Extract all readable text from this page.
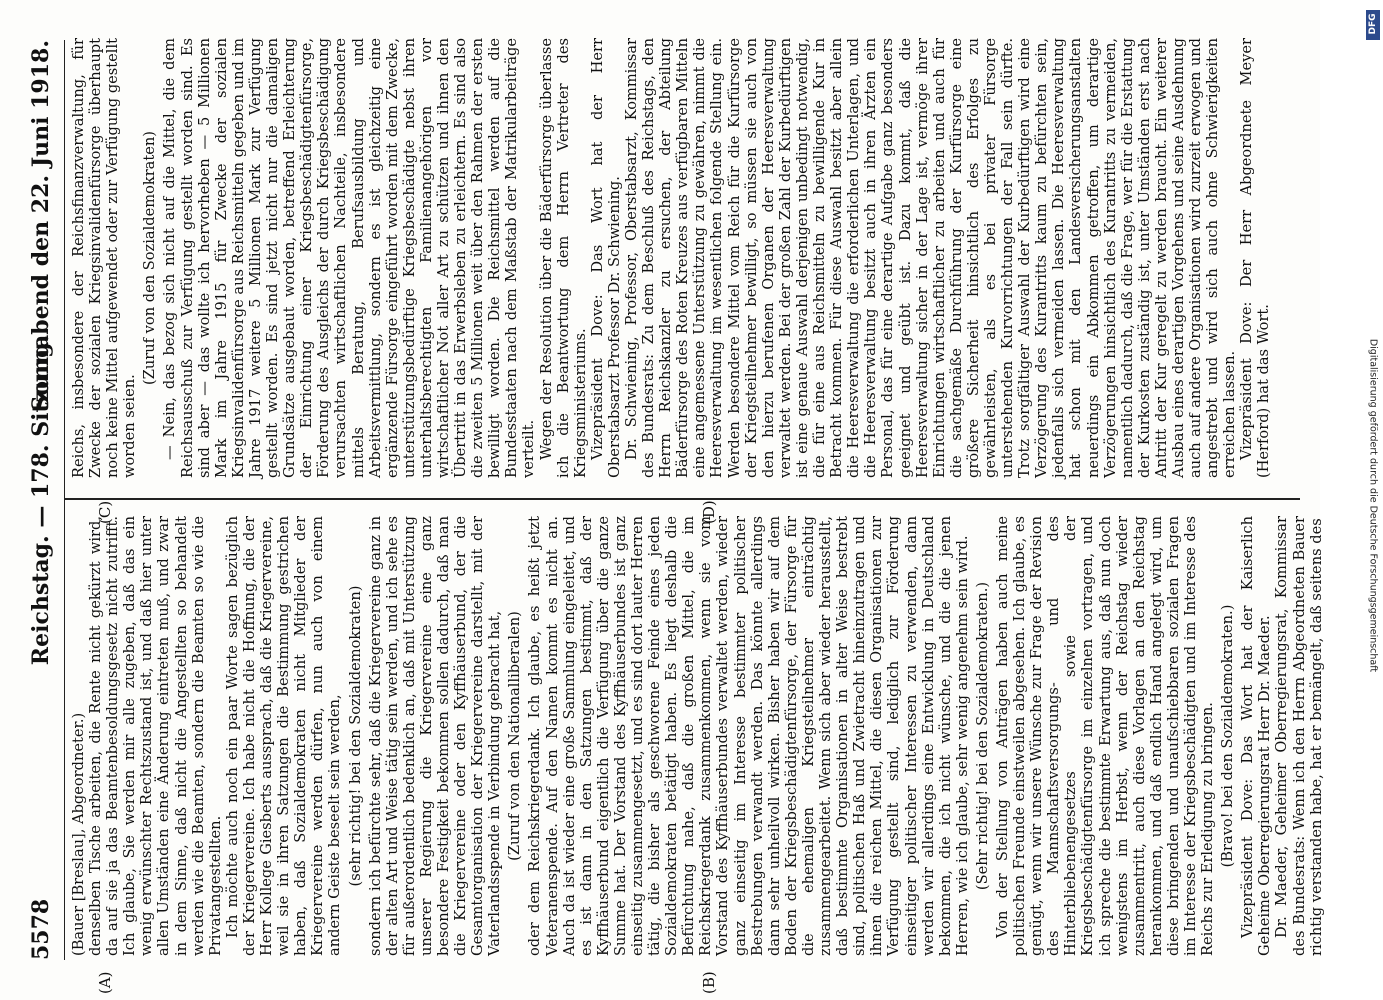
5578
Reichstag. — 178. Sitzung.
Sonnabend den 22. Juni 1918.
(A)	(B)
(C)	(D)

(Bauer [Breslau], Abgeordneter.) denselben Tische arbeiten, die Rente nicht gekürzt wird, da auf sie ja das Beamtenbesoldungsgesetz nicht zutrifft. Ich glaube, Sie werden mir alle zugeben, daß das ein wenig erwünschter Rechtszustand ist, und daß hier unter allen Umständen eine Änderung eintreten muß, und zwar in dem Sinne, daß nicht die Angestellten so behandelt werden wie die Beamten, sondern die Beamten so wie die Privatangestellten. Ich möchte auch noch ein paar Worte sagen bezüglich der Kriegervereine. Ich habe nicht die Hoffnung, die der Herr Kollege Giesberts aussprach, daß die Kriegervereine, weil sie in ihren Satzungen die Bestimmung gestrichen haben, daß Sozialdemokraten nicht Mitglieder der Kriegervereine werden dürfen, nun auch von einem andern Geiste beseelt sein werden, (sehr richtig! bei den Sozialdemokraten) sondern ich befürchte sehr, daß die Kriegervereine ganz in der alten Art und Weise tätig sein werden, und ich sehe es für außerordentlich bedenklich an, daß mit Unterstützung unserer Regierung die Kriegervereine eine ganz besondere Festigkeit bekommen sollen dadurch, daß man die Kriegervereine oder den Kyffhäuserbund, der die Gesamtorganisation der Kriegervereine darstellt, mit der Vaterlandsspende in Verbindung gebracht hat, (Zuruf von den Nationalliberalen) oder dem Reichskriegerdank. Ich glaube, es heißt jetzt Veteranenspende. Auf den Namen kommt es nicht an. Auch da ist wieder eine große Sammlung eingeleitet, und es ist dann in den Satzungen bestimmt, daß der Kyffhäuserbund eigentlich die Verfügung über die ganze Summe hat. Der Vorstand des Kyffhäuserbundes ist ganz einseitig zusammengesetzt, und es sind dort lauter Herren tätig, die bisher als geschworene Feinde eines jeden Sozialdemokraten betätigt haben. Es liegt deshalb die Befürchtung nahe, daß die großen Mittel, die im Reichskriegerdank zusammenkommen, wenn sie vom Vorstand des Kyffhäuserbundes verwaltet werden, wieder ganz einseitig im Interesse bestimmter politischer Bestrebungen verwandt werden. Das könnte allerdings dann sehr unheilvoll wirken. Bisher haben wir auf dem Boden der Kriegsbeschädigtenfürsorge, der Fürsorge für die ehemaligen Kriegsteilnehmer einträchtig zusammengearbeitet. Wenn sich aber wieder herausstellt, daß bestimmte Organisationen in alter Weise bestrebt sind, politischen Haß und Zwietracht hineinzutragen und ihnen die reichen Mittel, die diesen Organisationen zur Verfügung gestellt sind, lediglich zur Förderung einseitiger politischer Interessen zu verwenden, dann werden wir allerdings eine Entwicklung in Deutschland bekommen, die ich nicht wünsche, und die die jenen Herren, wie ich glaube, sehr wenig angenehm sein wird. (Sehr richtig! bei den Sozialdemokraten.) Von der Stellung von Anträgen haben auch meine politischen Freunde einstweilen abgesehen. Ich glaube, es genügt, wenn wir unsere Wünsche zur Frage der Revision des Mannschaftsversorgungs- und des Hinterbliebenengesetzes sowie der Kriegsbeschädigtenfürsorge im einzelnen vortragen, und ich spreche die bestimmte Erwartung aus, daß nun doch wenigstens im Herbst, wenn der Reichstag wieder zusammentritt, auch diese Vorlagen an den Reichstag herankommen, und daß endlich Hand angelegt wird, um diese bringenden und unaufschiebbaren sozialen Fragen im Interesse der Kriegsbeschädigten und im Interesse des Reichs zur Erledigung zu bringen. (Bravo! bei den Sozialdemokraten.) Vizepräsident Dove: Das Wort hat der Kaiserlich Geheime Oberregierungsrat Herr Dr. Maeder. Dr. Maeder, Geheimer Oberregierungsrat, Kommissar des Bundesrats: Wenn ich den Herrn Abgeordneten Bauer richtig verstanden habe, hat er bemängelt, daß seitens des

Reichs, insbesondere der Reichsfinanzverwaltung, für Zwecke der sozialen Kriegsinvalidenfürsorge überhaupt noch keine Mittel aufgewendet oder zur Verfügung gestellt worden seien.

(Zuruf von den Sozialdemokraten) — Nein, das bezog sich nicht auf die Mittel, die dem Reichsausschuß zur Verfügung gestellt worden sind. Es sind aber — das wollte ich hervorheben — 5 Millionen Mark im Jahre 1915 für Zwecke der sozialen Kriegsinvalidenfürsorge aus Reichsmitteln gegeben und im Jahre 1917 weitere 5 Millionen Mark zur Verfügung gestellt worden. Es sind jetzt nicht nur die damaligen Grundsätze ausgebaut worden, betreffend Erleichterung der Einrichtung einer Kriegsbeschädigtenfürsorge, Förderung des Ausgleichs der durch Kriegsbeschädigung verursachten wirtschaftlichen Nachteile, insbesondere mittels Beratung, Berufsausbildung und Arbeitsvermittlung, sondern es ist gleichzeitig eine ergänzende Fürsorge eingeführt worden mit dem Zwecke, unterstützungsbedürftige Kriegsbeschädigte nebst ihren unterhaltsberechtigten Familienangehörigen vor wirtschaftlicher Not aller Art zu schützen und ihnen den Übertritt in das Erwerbsleben zu erleichtern. Es sind also die zweiten 5 Millionen weit über den Rahmen der ersten bewilligt worden. Die Reichsmittel werden auf die Bundesstaaten nach dem Maßstab der Matrikularbeiträge verteilt. Wegen der Resolution über die Bäderfürsorge überlasse ich die Beantwortung dem Herrn Vertreter des Kriegsministeriums. Vizepräsident Dove: Das Wort hat der Herr Oberstabsarzt Professor Dr. Schwiening. Dr. Schwiening, Professor, Oberstabsarzt, Kommissar des Bundesrats: Zu dem Beschluß des Reichstags, den Herrn Reichskanzler zu ersuchen, der Abteilung Bäderfürsorge des Roten Kreuzes aus verfügbaren Mitteln eine angemessene Unterstützung zu gewähren, nimmt die Heeresverwaltung im wesentlichen folgende Stellung ein. Werden besondere Mittel vom Reich für die Kurfürsorge der Kriegsteilnehmer bewilligt, so müssen sie auch von den hierzu berufenen Organen der Heeresverwaltung verwaltet werden. Bei der großen Zahl der Kurbedürftigen ist eine genaue Auswahl derjenigen unbedingt notwendig, die für eine aus Reichsmitteln zu bewilligende Kur in Betracht kommen. Für diese Auswahl besitzt aber allein die Heeresverwaltung die erforderlichen Unterlagen, und die Heeresverwaltung besitzt auch in ihren Ärzten ein Personal, das für eine derartige Aufgabe ganz besonders geeignet und geübt ist. Dazu kommt, daß die Heeresverwaltung sicher in der Lage ist, vermöge ihrer Einrichtungen wirtschaftlicher zu arbeiten und auch für die sachgemäße Durchführung der Kurfürsorge eine größere Sicherheit hinsichtlich des Erfolges zu gewährleisten, als es bei privater Fürsorge unterstehenden Kurvorrichtungen der Fall sein dürfte. Trotz sorgfältiger Auswahl der Kurbedürftigen wird eine Verzögerung des Kurantritts kaum zu befürchten sein, jedenfalls sich vermeiden lassen. Die Heeresverwaltung hat schon mit den Landesversicherungsanstalten neuerdings ein Abkommen getroffen, um derartige Verzögerungen hinsichtlich des Kurantritts zu vermeiden, namentlich dadurch, daß die Frage, wer für die Erstattung der Kurkosten zuständig ist, unter Umständen erst nach Antritt der Kur geregelt zu werden braucht. Ein weiterer Ausbau eines derartigen Vorgehens und seine Ausdehnung auch auf andere Organisationen wird zurzeit erwogen und angestrebt und wird sich auch ohne Schwierigkeiten erreichen lassen. Vizepräsident Dove: Der Herr Abgeordnete Meyer (Herford) hat das Wort.

DFG
Digitalisierung gefördert durch die Deutsche Forschungsgemeinschaft
